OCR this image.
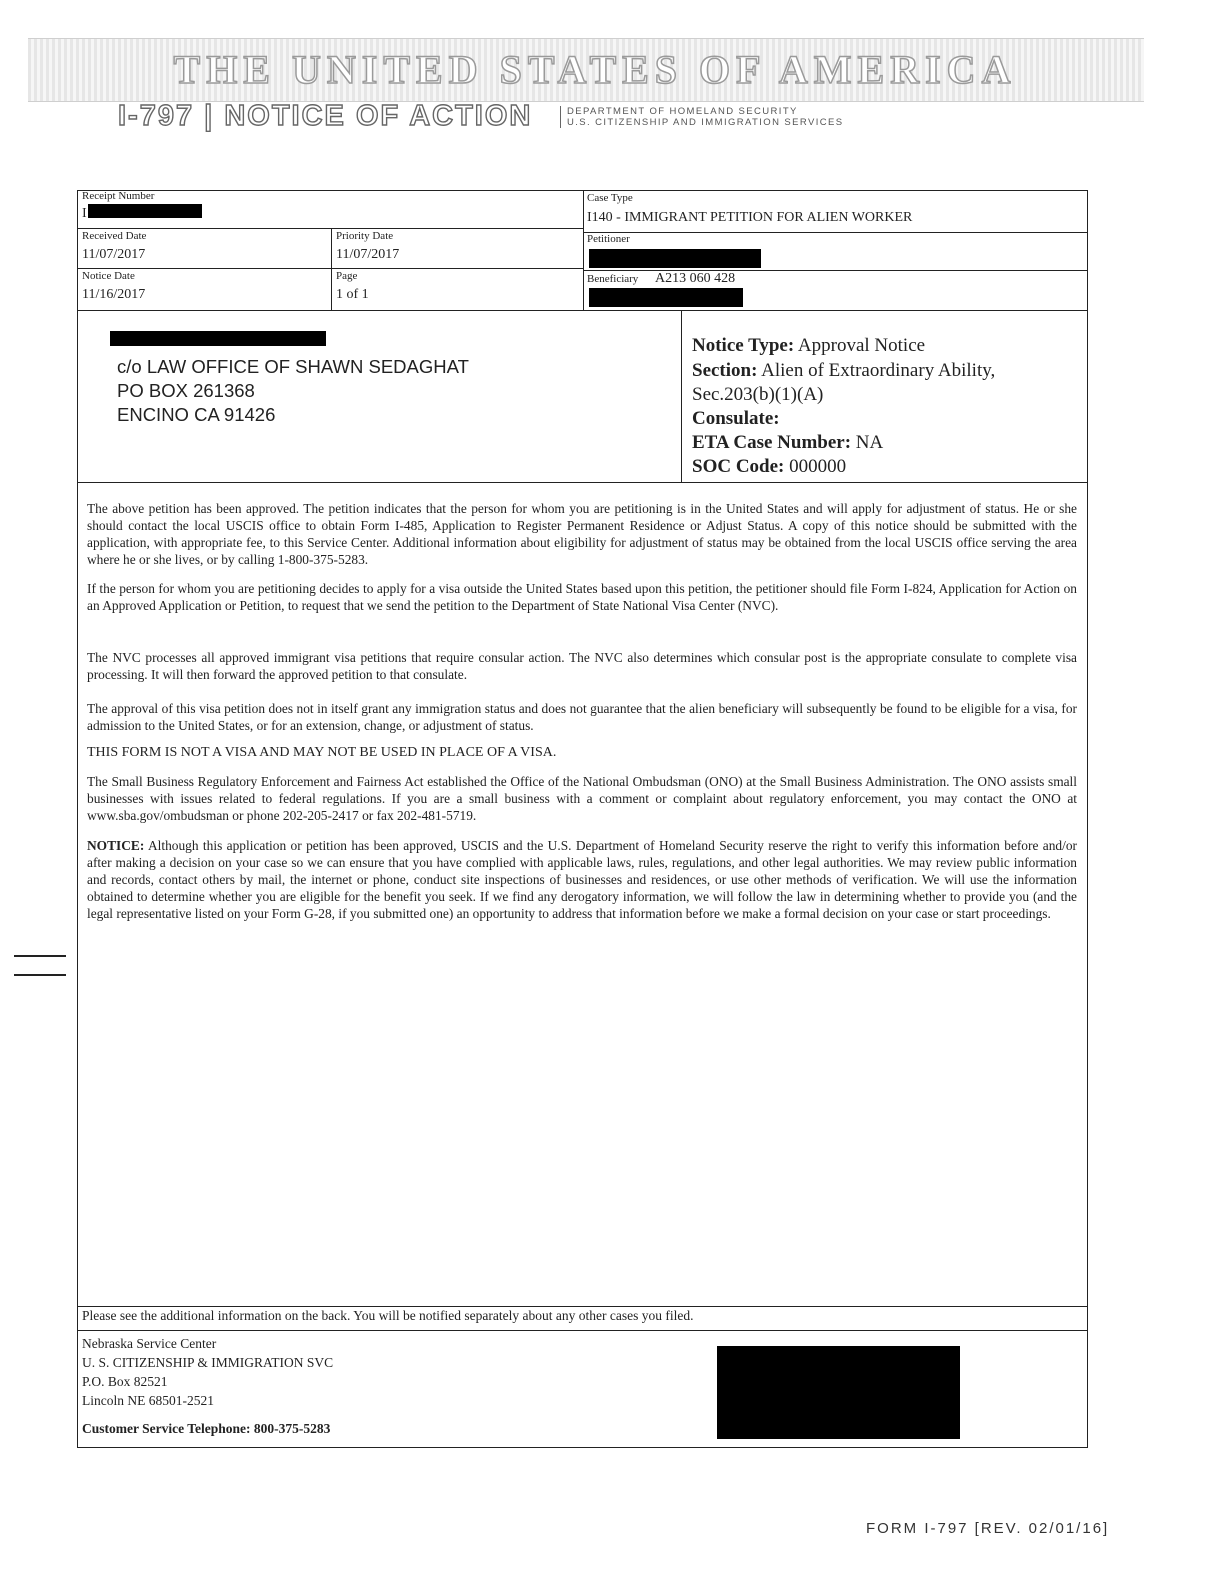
THE UNITED STATES OF AMERICA
I-797 | NOTICE OF ACTION	DEPARTMENT OF HOMELAND SECURITY
U.S. CITIZENSHIP AND IMMIGRATION SERVICES
Receipt Number
I
Case Type
I140 - IMMIGRANT PETITION FOR ALIEN WORKER
Received Date
11/07/2017
Priority Date
11/07/2017
Petitioner
Notice Date
11/16/2017
Page
1 of 1
Beneficiary A213 060 428
c/o LAW OFFICE OF SHAWN SEDAGHAT
PO BOX 261368
ENCINO CA 91426
Notice Type: Approval Notice
Section: Alien of Extraordinary Ability,
Sec.203(b)(1)(A)
Consulate:
ETA Case Number: NA
SOC Code: 000000
The above petition has been approved. The petition indicates that the person for whom you are petitioning is in the United States and will apply for adjustment of status. He or she should contact the local USCIS office to obtain Form I-485, Application to Register Permanent Residence or Adjust Status. A copy of this notice should be submitted with the application, with appropriate fee, to this Service Center. Additional information about eligibility for adjustment of status may be obtained from the local USCIS office serving the area where he or she lives, or by calling 1-800-375-5283.
If the person for whom you are petitioning decides to apply for a visa outside the United States based upon this petition, the petitioner should file Form I-824, Application for Action on an Approved Application or Petition, to request that we send the petition to the Department of State National Visa Center (NVC).
The NVC processes all approved immigrant visa petitions that require consular action. The NVC also determines which consular post is the appropriate consulate to complete visa processing. It will then forward the approved petition to that consulate.
The approval of this visa petition does not in itself grant any immigration status and does not guarantee that the alien beneficiary will subsequently be found to be eligible for a visa, for admission to the United States, or for an extension, change, or adjustment of status.
THIS FORM IS NOT A VISA AND MAY NOT BE USED IN PLACE OF A VISA.
The Small Business Regulatory Enforcement and Fairness Act established the Office of the National Ombudsman (ONO) at the Small Business Administration. The ONO assists small businesses with issues related to federal regulations. If you are a small business with a comment or complaint about regulatory enforcement, you may contact the ONO at www.sba.gov/ombudsman or phone 202-205-2417 or fax 202-481-5719.
NOTICE: Although this application or petition has been approved, USCIS and the U.S. Department of Homeland Security reserve the right to verify this information before and/or after making a decision on your case so we can ensure that you have complied with applicable laws, rules, regulations, and other legal authorities. We may review public information and records, contact others by mail, the internet or phone, conduct site inspections of businesses and residences, or use other methods of verification. We will use the information obtained to determine whether you are eligible for the benefit you seek. If we find any derogatory information, we will follow the law in determining whether to provide you (and the legal representative listed on your Form G-28, if you submitted one) an opportunity to address that information before we make a formal decision on your case or start proceedings.
Please see the additional information on the back. You will be notified separately about any other cases you filed.
Nebraska Service Center
U. S. CITIZENSHIP & IMMIGRATION SVC
P.O. Box 82521
Lincoln NE 68501-2521
Customer Service Telephone: 800-375-5283
FORM I-797 [REV. 02/01/16]
